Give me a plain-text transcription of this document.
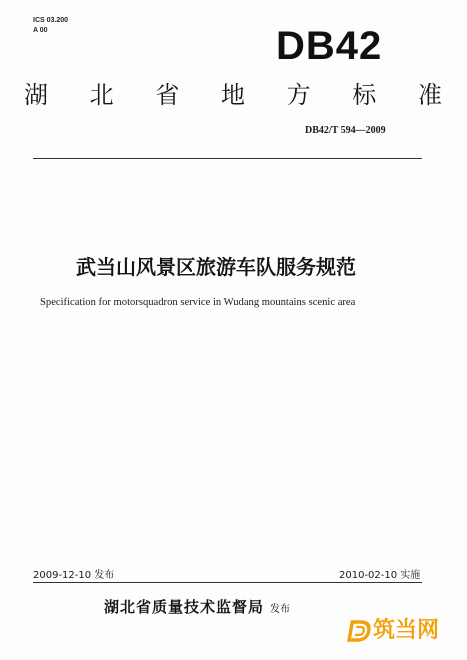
ICS 03.200
A 00	DB42
湖 北 省 地 方 标 准
DB42/T 594—2009
武当山风景区旅游车队服务规范
Specification for motorsquadron service in Wudang mountains scenic area
2009-12-10 发布	2010-02-10 实施
湖北省质量技术监督局 发布
筑当网
